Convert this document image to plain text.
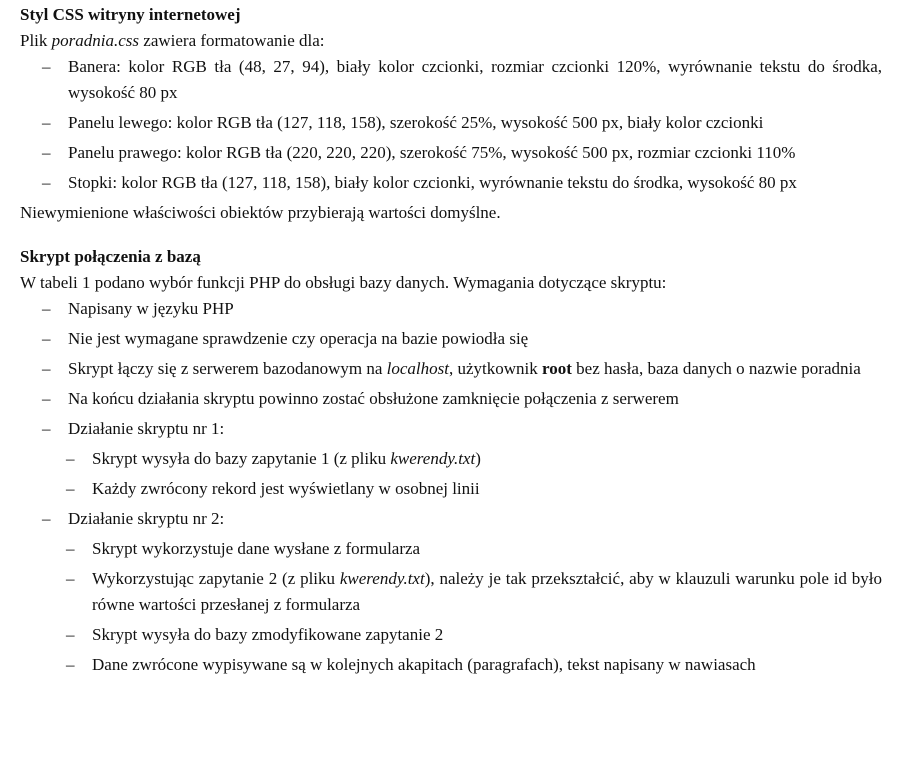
Styl CSS witryny internetowej

Plik poradnia.css zawiera formatowanie dla:

– Banera: kolor RGB tła (48, 27, 94), biały kolor czcionki, rozmiar czcionki 120%, wyrównanie tekstu do środka, wysokość 80 px
– Panelu lewego: kolor RGB tła (127, 118, 158), szerokość 25%, wysokość 500 px, biały kolor czcionki
– Panelu prawego: kolor RGB tła (220, 220, 220), szerokość 75%, wysokość 500 px, rozmiar czcionki 110%
– Stopki: kolor RGB tła (127, 118, 158), biały kolor czcionki, wyrównanie tekstu do środka, wysokość 80 px

Niewymienione właściwości obiektów przybierają wartości domyślne.

Skrypt połączenia z bazą

W tabeli 1 podano wybór funkcji PHP do obsługi bazy danych. Wymagania dotyczące skryptu:

– Napisany w języku PHP
– Nie jest wymagane sprawdzenie czy operacja na bazie powiodła się
– Skrypt łączy się z serwerem bazodanowym na localhost, użytkownik root bez hasła, baza danych o nazwie poradnia
– Na końcu działania skryptu powinno zostać obsłużone zamknięcie połączenia z serwerem
– Działanie skryptu nr 1:
– Skrypt wysyła do bazy zapytanie 1 (z pliku kwerendy.txt)
– Każdy zwrócony rekord jest wyświetlany w osobnej linii
– Działanie skryptu nr 2:
– Skrypt wykorzystuje dane wysłane z formularza
– Wykorzystując zapytanie 2 (z pliku kwerendy.txt), należy je tak przekształcić, aby w klauzuli warunku pole id było równe wartości przesłanej z formularza
– Skrypt wysyła do bazy zmodyfikowane zapytanie 2
– Dane zwrócone wypisywane są w kolejnych akapitach (paragrafach), tekst napisany w nawiasach
